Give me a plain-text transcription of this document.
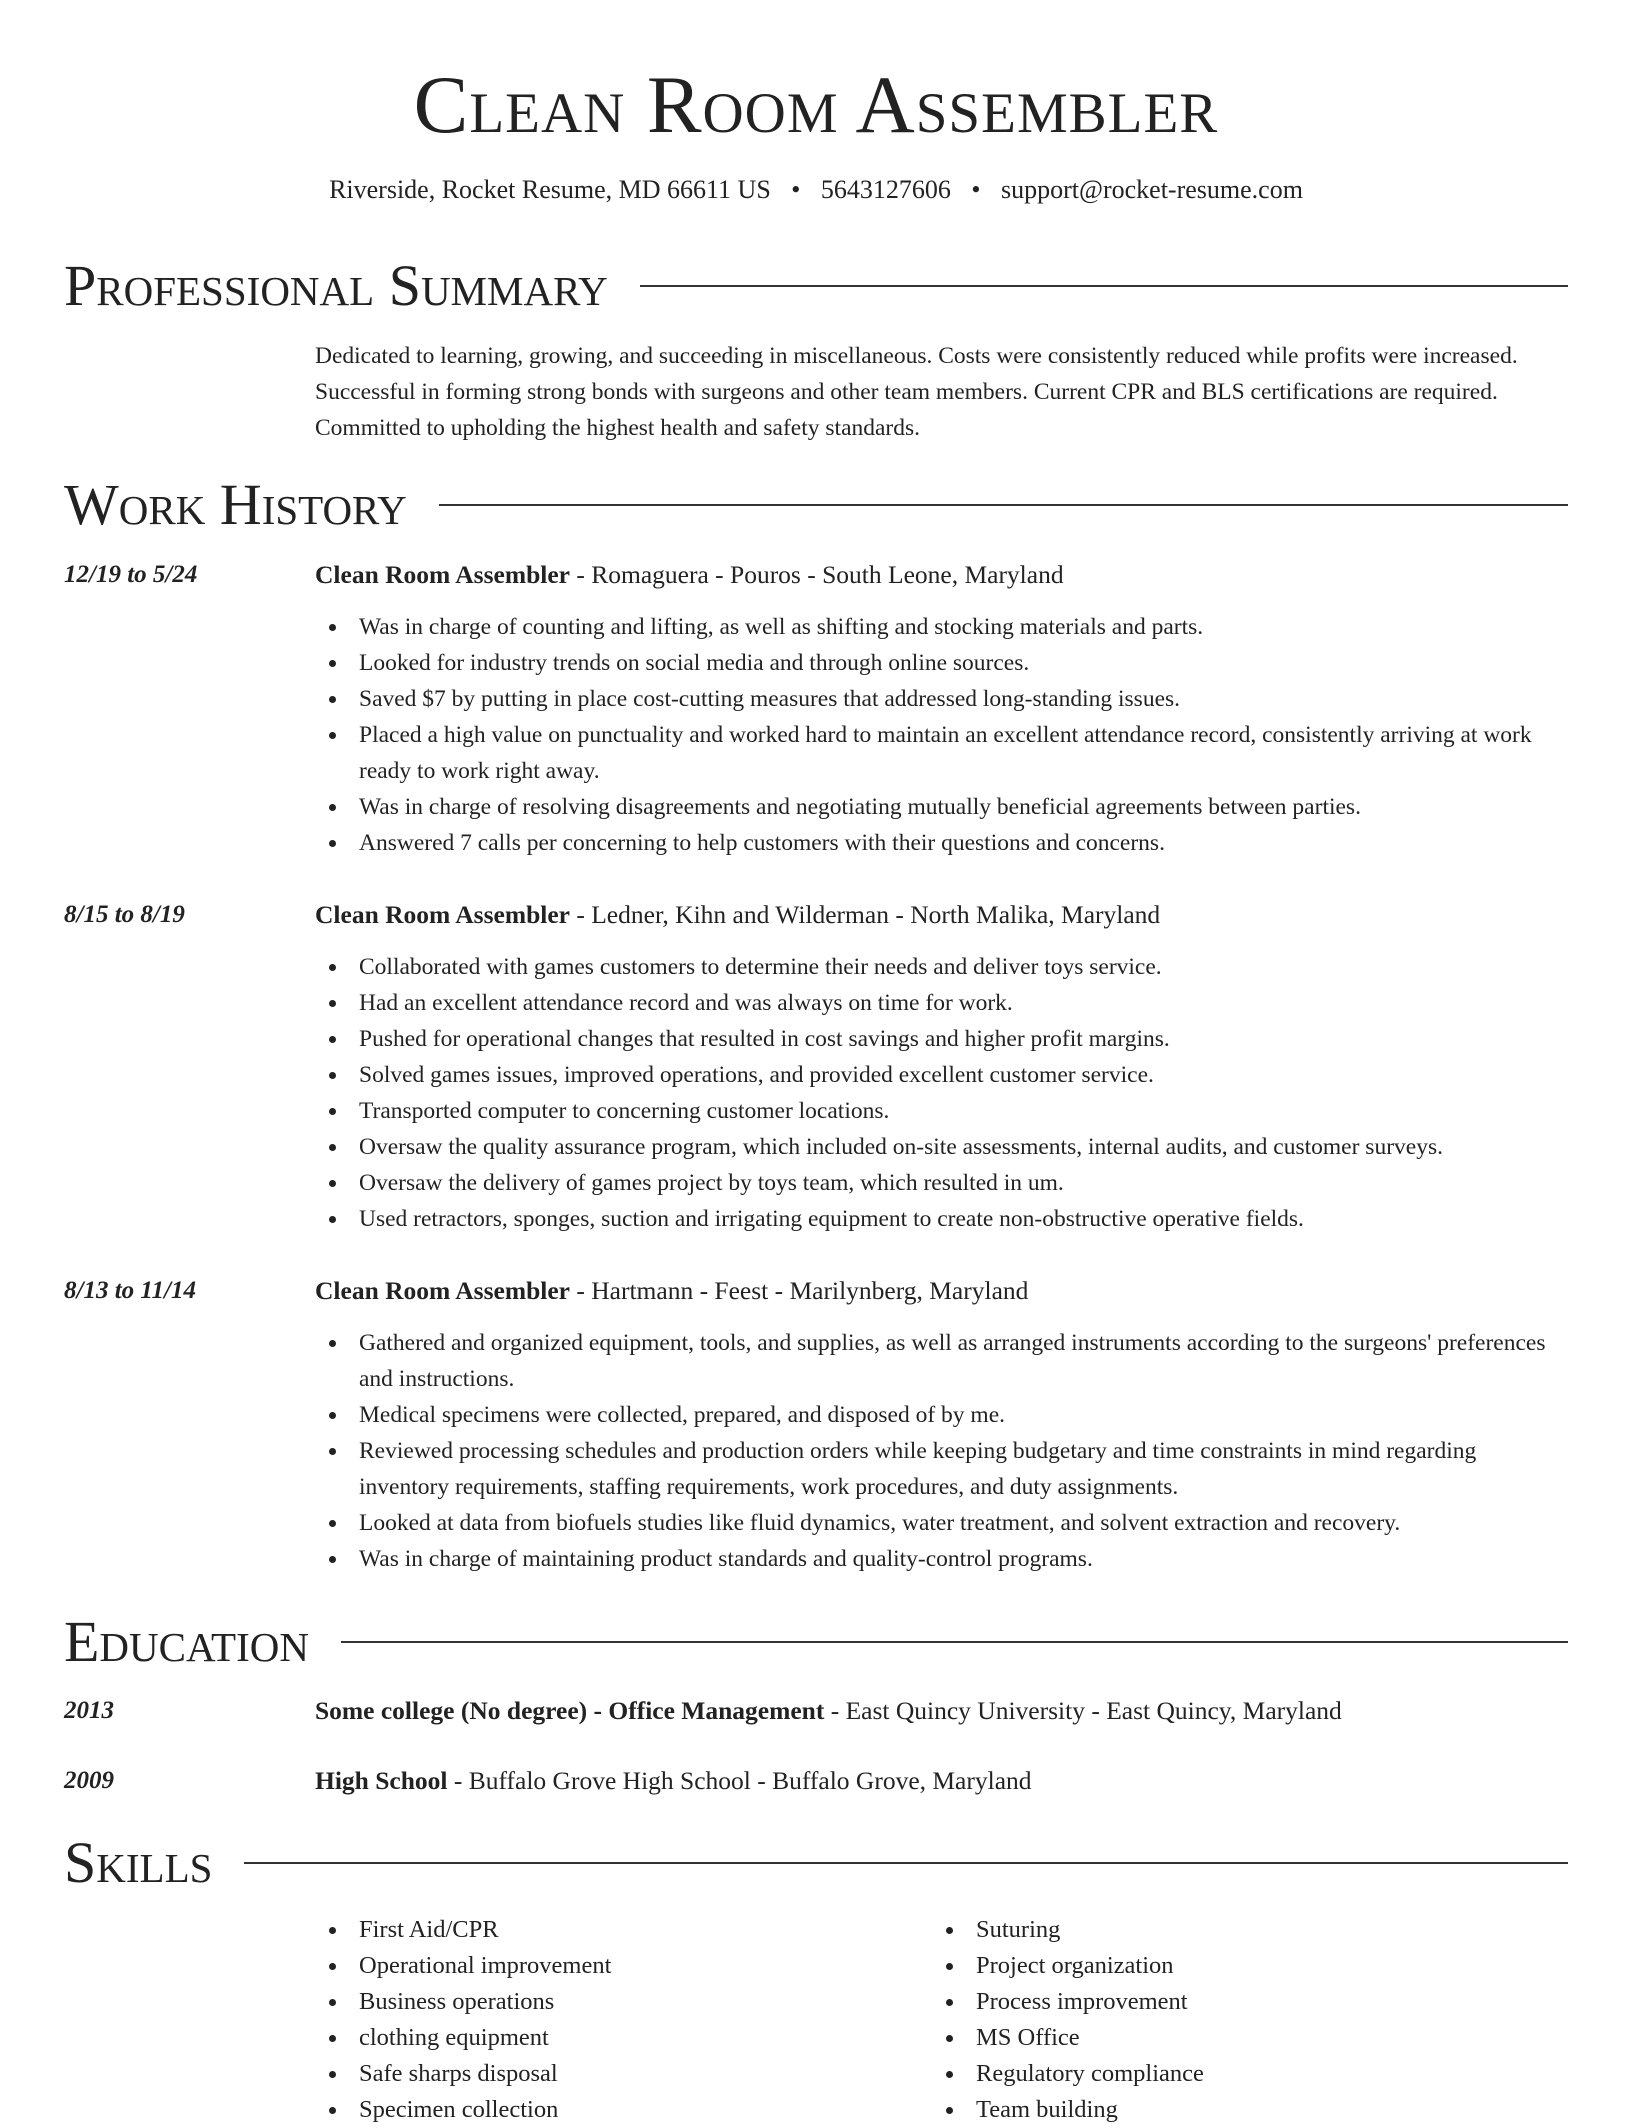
Clean Room Assembler
Riverside, Rocket Resume, MD 66611 US • 5643127606 • support@rocket-resume.com
Professional Summary

Dedicated to learning, growing, and succeeding in miscellaneous. Costs were consistently reduced while profits were increased. Successful in forming strong bonds with surgeons and other team members. Current CPR and BLS certifications are required. Committed to upholding the highest health and safety standards.

Work History
12/19 to 5/24	Clean Room Assembler - Romaguera - Pouros - South Leone, Maryland
Was in charge of counting and lifting, as well as shifting and stocking materials and parts.
Looked for industry trends on social media and through online sources.
Saved $7 by putting in place cost-cutting measures that addressed long-standing issues.
Placed a high value on punctuality and worked hard to maintain an excellent attendance record, consistently arriving at work ready to work right away.
Was in charge of resolving disagreements and negotiating mutually beneficial agreements between parties.
Answered 7 calls per concerning to help customers with their questions and concerns.
8/15 to 8/19	Clean Room Assembler - Ledner, Kihn and Wilderman - North Malika, Maryland
Collaborated with games customers to determine their needs and deliver toys service.
Had an excellent attendance record and was always on time for work.
Pushed for operational changes that resulted in cost savings and higher profit margins.
Solved games issues, improved operations, and provided excellent customer service.
Transported computer to concerning customer locations.
Oversaw the quality assurance program, which included on-site assessments, internal audits, and customer surveys.
Oversaw the delivery of games project by toys team, which resulted in um.
Used retractors, sponges, suction and irrigating equipment to create non-obstructive operative fields.
8/13 to 11/14	Clean Room Assembler - Hartmann - Feest - Marilynberg, Maryland
Gathered and organized equipment, tools, and supplies, as well as arranged instruments according to the surgeons' preferences and instructions.
Medical specimens were collected, prepared, and disposed of by me.
Reviewed processing schedules and production orders while keeping budgetary and time constraints in mind regarding inventory requirements, staffing requirements, work procedures, and duty assignments.
Looked at data from biofuels studies like fluid dynamics, water treatment, and solvent extraction and recovery.
Was in charge of maintaining product standards and quality-control programs.
Education
2013	Some college (No degree) - Office Management - East Quincy University - East Quincy, Maryland
2009	High School - Buffalo Grove High School - Buffalo Grove, Maryland
Skills
First Aid/CPR
Operational improvement
Business operations
clothing equipment
Safe sharps disposal
Specimen collection
Suturing
Project organization
Process improvement
MS Office
Regulatory compliance
Team building
